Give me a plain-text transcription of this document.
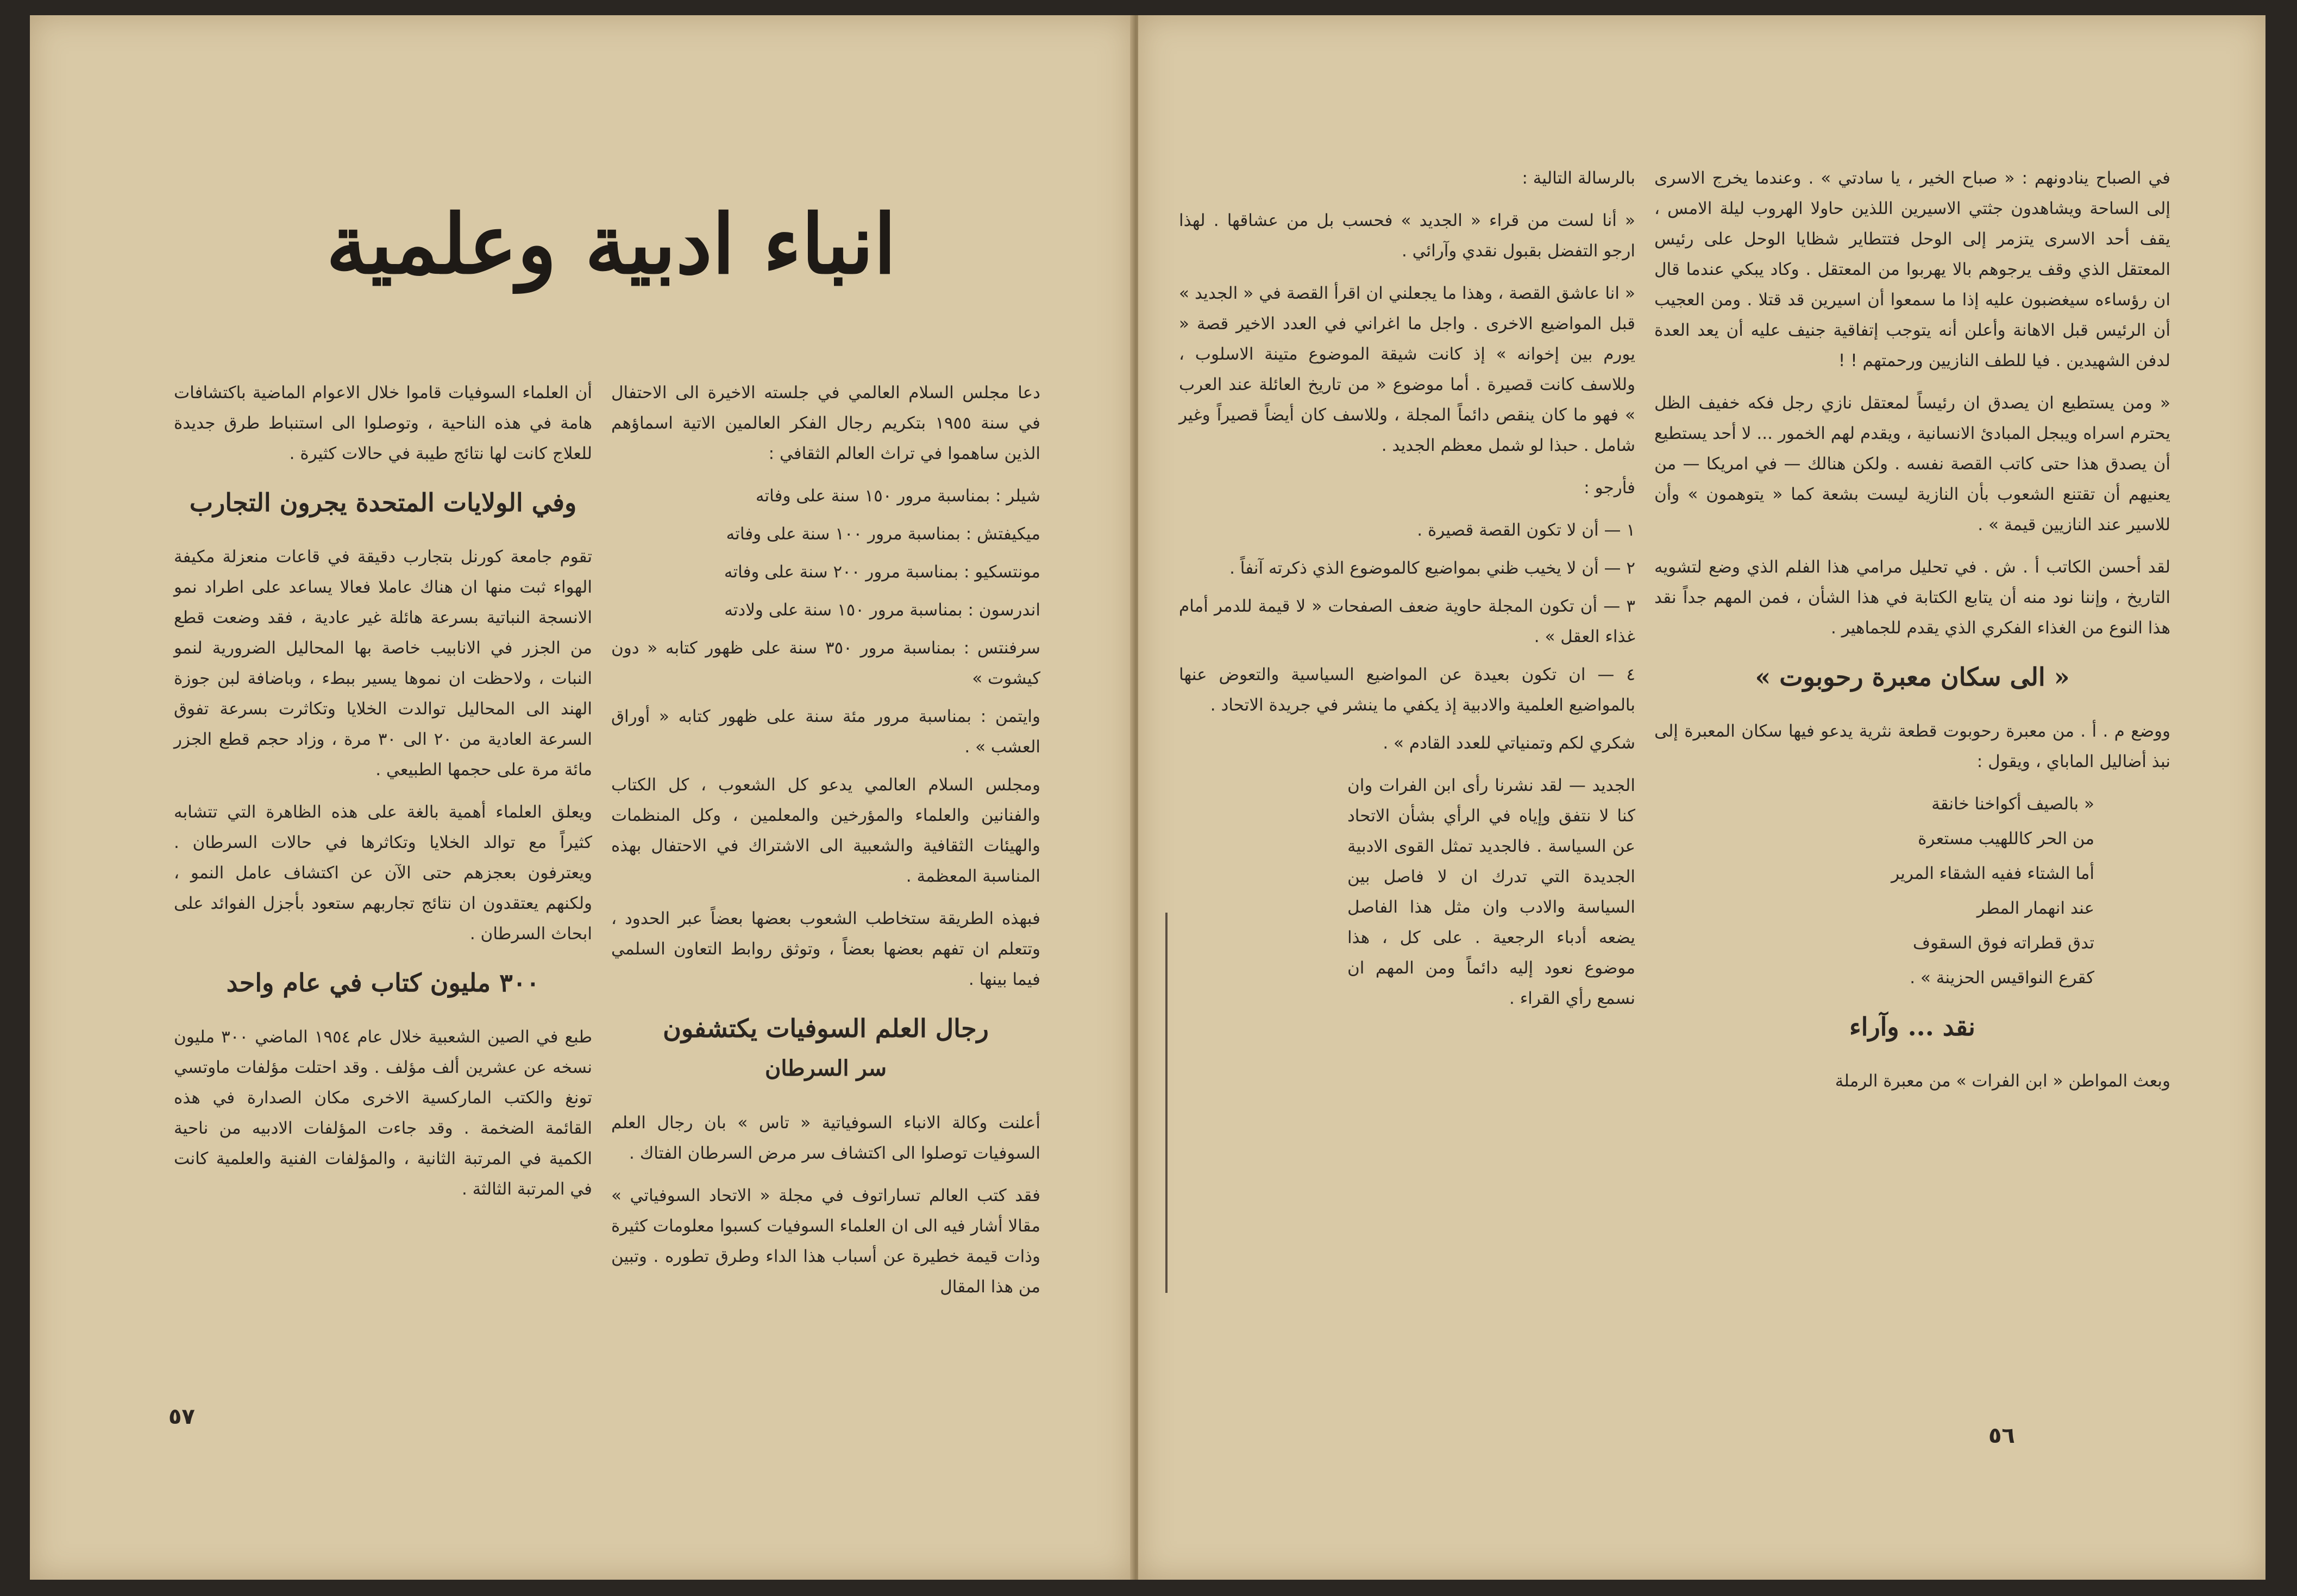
انباء ادبية وعلمية

أن العلماء السوفيات قاموا خلال الاعوام الماضية باكتشافات هامة في هذه الناحية ، وتوصلوا الى استنباط طرق جديدة للعلاج كانت لها نتائج طيبة في حالات كثيرة .

وفي الولايات المتحدة يجرون التجارب

تقوم جامعة كورنل بتجارب دقيقة في قاعات منعزلة مكيفة الهواء ثبت منها ان هناك عاملا فعالا يساعد على اطراد نمو الانسجة النباتية بسرعة هائلة غير عادية ، فقد وضعت قطع من الجزر في الانابيب خاصة بها المحاليل الضرورية لنمو النبات ، ولاحظت ان نموها يسير ببطء ، وباضافة لبن جوزة الهند الى المحاليل توالدت الخلايا وتكاثرت بسرعة تفوق السرعة العادية من ٢٠ الى ٣٠ مرة ، وزاد حجم قطع الجزر مائة مرة على حجمها الطبيعي .

ويعلق العلماء أهمية بالغة على هذه الظاهرة التي تتشابه كثيراً مع توالد الخلايا وتكاثرها في حالات السرطان . ويعترفون بعجزهم حتى الآن عن اكتشاف عامل النمو ، ولكنهم يعتقدون ان نتائج تجاربهم ستعود بأجزل الفوائد على ابحاث السرطان .

٣٠٠ مليون كتاب في عام واحد

طبع في الصين الشعبية خلال عام ١٩٥٤ الماضي ٣٠٠ مليون نسخه عن عشرين ألف مؤلف . وقد احتلت مؤلفات ماوتسي تونغ والكتب الماركسية الاخرى مكان الصدارة في هذه القائمة الضخمة . وقد جاءت المؤلفات الادبيه من ناحية الكمية في المرتبة الثانية ، والمؤلفات الفنية والعلمية كانت في المرتبة الثالثة .

دعا مجلس السلام العالمي في جلسته الاخيرة الى الاحتفال في سنة ١٩٥٥ بتكريم رجال الفكر العالمين الاتية اسماؤهم الذين ساهموا في تراث العالم الثقافي :

شيلر : بمناسبة مرور ١٥٠ سنة على وفاته
ميكيفتش : بمناسبة مرور ١٠٠ سنة على وفاته
مونتسكيو : بمناسبة مرور ٢٠٠ سنة على وفاته
اندرسون : بمناسبة مرور ١٥٠ سنة على ولادته
سرفنتس : بمناسبة مرور ٣٥٠ سنة على ظهور كتابه « دون كيشوت »
وايتمن : بمناسبة مرور مئة سنة على ظهور كتابه « أوراق العشب » .

ومجلس السلام العالمي يدعو كل الشعوب ، كل الكتاب والفنانين والعلماء والمؤرخين والمعلمين ، وكل المنظمات والهيئات الثقافية والشعبية الى الاشتراك في الاحتفال بهذه المناسبة المعظمة .

فبهذه الطريقة ستخاطب الشعوب بعضها بعضاً عبر الحدود ، وتتعلم ان تفهم بعضها بعضاً ، وتوثق روابط التعاون السلمي فيما بينها .

رجال العلم السوفيات يكتشفون
سر السرطان

أعلنت وكالة الانباء السوفياتية « تاس » بان رجال العلم السوفيات توصلوا الى اكتشاف سر مرض السرطان الفتاك .

فقد كتب العالم تساراتوف في مجلة « الاتحاد السوفياتي » مقالا أشار فيه الى ان العلماء السوفيات كسبوا معلومات كثيرة وذات قيمة خطيرة عن أسباب هذا الداء وطرق تطوره . وتبين من هذا المقال

٥٧

بالرسالة التالية :

« أنا لست من قراء « الجديد » فحسب بل من عشاقها . لهذا ارجو التفضل بقبول نقدي وآرائي .

« انا عاشق القصة ، وهذا ما يجعلني ان اقرأ القصة في « الجديد » قبل المواضيع الاخرى . واجل ما اغراني في العدد الاخير قصة « يورم بين إخوانه » إذ كانت شيقة الموضوع متينة الاسلوب ، وللاسف كانت قصيرة . أما موضوع « من تاريخ العائلة عند العرب » فهو ما كان ينقص دائماً المجلة ، وللاسف كان أيضاً قصيراً وغير شامل . حبذا لو شمل معظم الجديد .

فأرجو :

١ — أن لا تكون القصة قصيرة .
٢ — أن لا يخيب ظني بمواضيع كالموضوع الذي ذكرته آنفاً .
٣ — أن تكون المجلة حاوية ضعف الصفحات « لا قيمة للدمر أمام غذاء العقل » .
٤ — ان تكون بعيدة عن المواضيع السياسية والتعوض عنها بالمواضيع العلمية والادبية إذ يكفي ما ينشر في جريدة الاتحاد .

شكري لكم وتمنياتي للعدد القادم » .

الجديد — لقد نشرنا رأى ابن الفرات وان كنا لا نتفق وإياه في الرأي بشأن الاتحاد عن السياسة . فالجديد تمثل القوى الادبية الجديدة التي تدرك ان لا فاصل بين السياسة والادب وان مثل هذا الفاصل يضعه أدباء الرجعية . على كل ، هذا موضوع نعود إليه دائماً ومن المهم ان نسمع رأي القراء .

في الصباح ينادونهم : « صباح الخير ، يا سادتي » . وعندما يخرج الاسرى إلى الساحة ويشاهدون جثتي الاسيرين اللذين حاولا الهروب ليلة الامس ، يقف أحد الاسرى يتزمر إلى الوحل فتتطاير شظايا الوحل على رئيس المعتقل الذي وقف يرجوهم بالا يهربوا من المعتقل . وكاد يبكي عندما قال ان رؤساءه سيغضبون عليه إذا ما سمعوا أن اسيرين قد قتلا . ومن العجيب أن الرئيس قبل الاهانة وأعلن أنه يتوجب إتفاقية جنيف عليه أن يعد العدة لدفن الشهيدين . فيا للطف النازيين ورحمتهم ! !

« ومن يستطيع ان يصدق ان رئيساً لمعتقل نازي رجل فكه خفيف الظل يحترم اسراه ويبجل المبادئ الانسانية ، ويقدم لهم الخمور ... لا أحد يستطيع أن يصدق هذا حتى كاتب القصة نفسه . ولكن هنالك — في امريكا — من يعنيهم أن تقتنع الشعوب بأن النازية ليست بشعة كما « يتوهمون » وأن للاسير عند النازيين قيمة » .

لقد أحسن الكاتب أ . ش . في تحليل مرامي هذا الفلم الذي وضع لتشويه التاريخ ، وإننا نود منه أن يتابع الكتابة في هذا الشأن ، فمن المهم جداً نقد هذا النوع من الغذاء الفكري الذي يقدم للجماهير .

« الى سكان معبرة رحوبوت »

ووضع م . أ . من معبرة رحوبوت قطعة نثرية يدعو فيها سكان المعبرة إلى نبذ أضاليل الماباي ، ويقول :

« بالصيف أكواخنا خانقة
من الحر كاللهيب مستعرة
أما الشتاء ففيه الشقاء المرير
عند انهمار المطر
تدق قطراته فوق السقوف
كقرع النواقيس الحزينة » .
نقد ... وآراء

وبعث المواطن « ابن الفرات » من معبرة الرملة

٥٦
